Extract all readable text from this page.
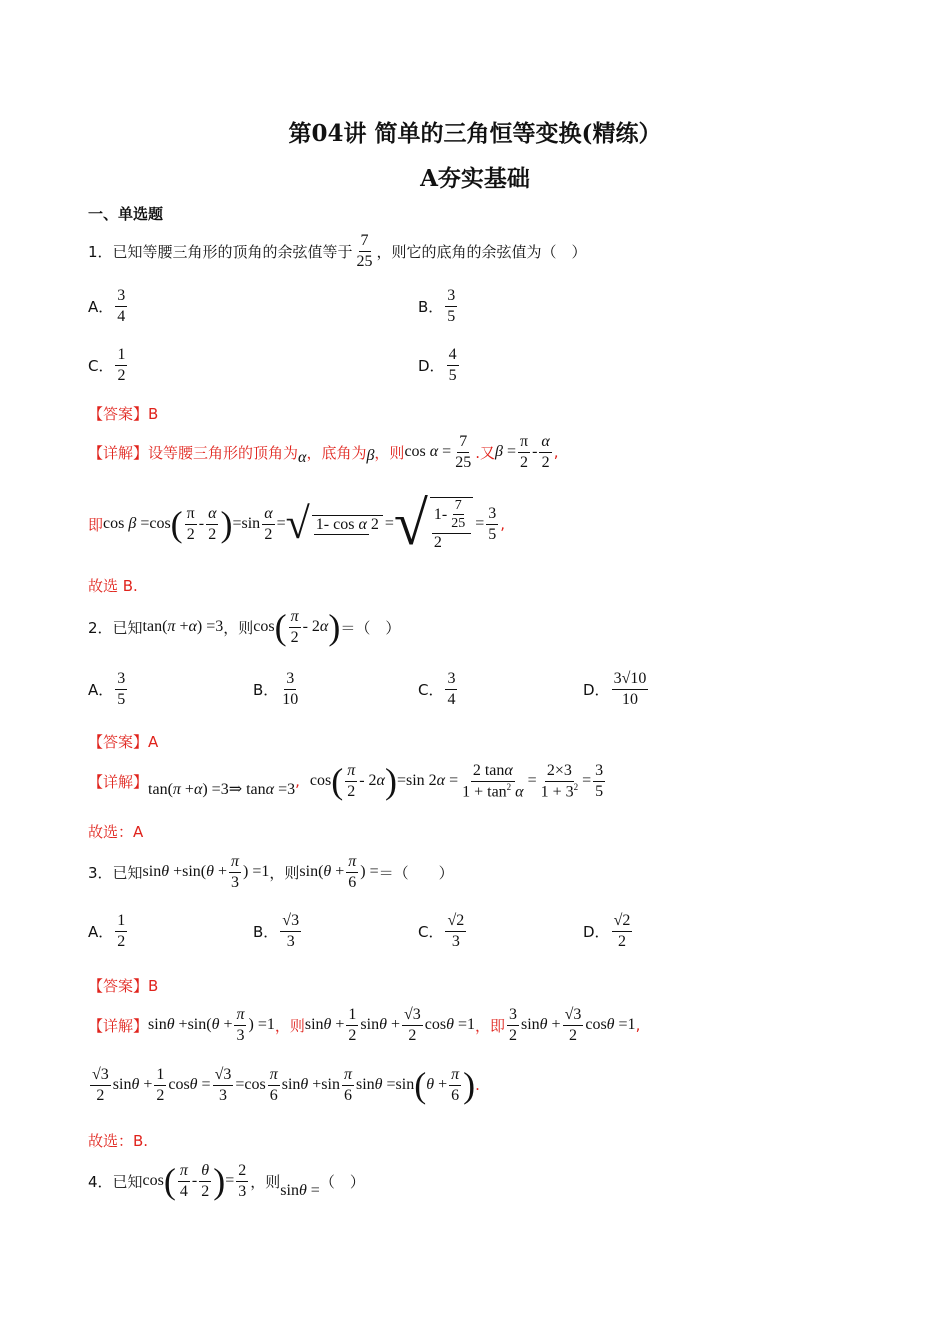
第04讲 简单的三角恒等变换(精练）
A夯实基础
一、单选题
1．已知等腰三角形的顶角的余弦值等于 $\frac{7}{25}$ ，则它的底角的余弦值为（　）
A． $\frac{3}{4}$	B． $\frac{3}{5}$
C． $\frac{1}{2}$	D． $\frac{4}{5}$
【答案】B
【详解】 设等腰三角形的顶角为 α ，底角为 β ，则 $\cos \alpha = \frac{7}{25}$ .又 $\beta = \frac{\pi}{2} - \frac{\alpha}{2}$ ,
即 cos β =cos ( $\frac{\pi}{2} - \frac{\alpha}{2}$ ) $=\sin \frac{\alpha}{2}$ = √ 1- cos α 2 = √ $\frac{1- \frac{7}{25}}{2} = \frac{3}{5}$ ,
故选 B.
2．已知 tan(π +α) =3 ，则 cos ( $\frac{\pi}{2} - 2\alpha$ ) ＝（　）
A． $\frac{3}{5}$	B． $\frac{3}{10}$	C． $\frac{3}{4}$	D． $\frac{3√10}{10}$
【答案】A
【详解】 tan(π +α) =3⇒ tanα =3 , cos ( $\frac{\pi}{2} - 2\alpha$ ) =sin $2\alpha = \frac{2 \tan\alpha}{1 + \tan^2 \alpha} = \frac{2\times 3}{1 + 3^2} = \frac{3}{5}$
故选：A
3．已知 $\sin\theta +\sin(\theta + \frac{\pi}{3}$ ) =1 ，则 $\sin(\theta + \frac{\pi}{6}$ ) = ＝（　　）
A． $\frac{1}{2}$	B． $\frac{√3}{3}$	C． $\frac{√2}{3}$	D． $\frac{√2}{2}$
【答案】B
【详解】 $\sin\theta +\sin(\theta + \frac{\pi}{3}$ ) =1 ，则 $\sin\theta + \frac{1}{2}$ $\sin\theta + \frac{√3}{2}$ cosθ =1 ，即 $\frac{3}{2}$ $\sin\theta + \frac{√3}{2}$ cosθ =1 ,
$\frac{√3}{2}$ $\sin\theta + \frac{1}{2}$ $\cos\theta = \frac{√3}{3} =\cos \frac{\pi}{6}$ $\sin\theta +\sin \frac{\pi}{6}$ sinθ =sin ( $\theta + \frac{\pi}{6}$ ) .
故选：B.
4．已知 cos ( $\frac{\pi}{4} - \frac{\theta}{2}$ ) = $\frac{2}{3}$ ，则 sinθ = （　）
